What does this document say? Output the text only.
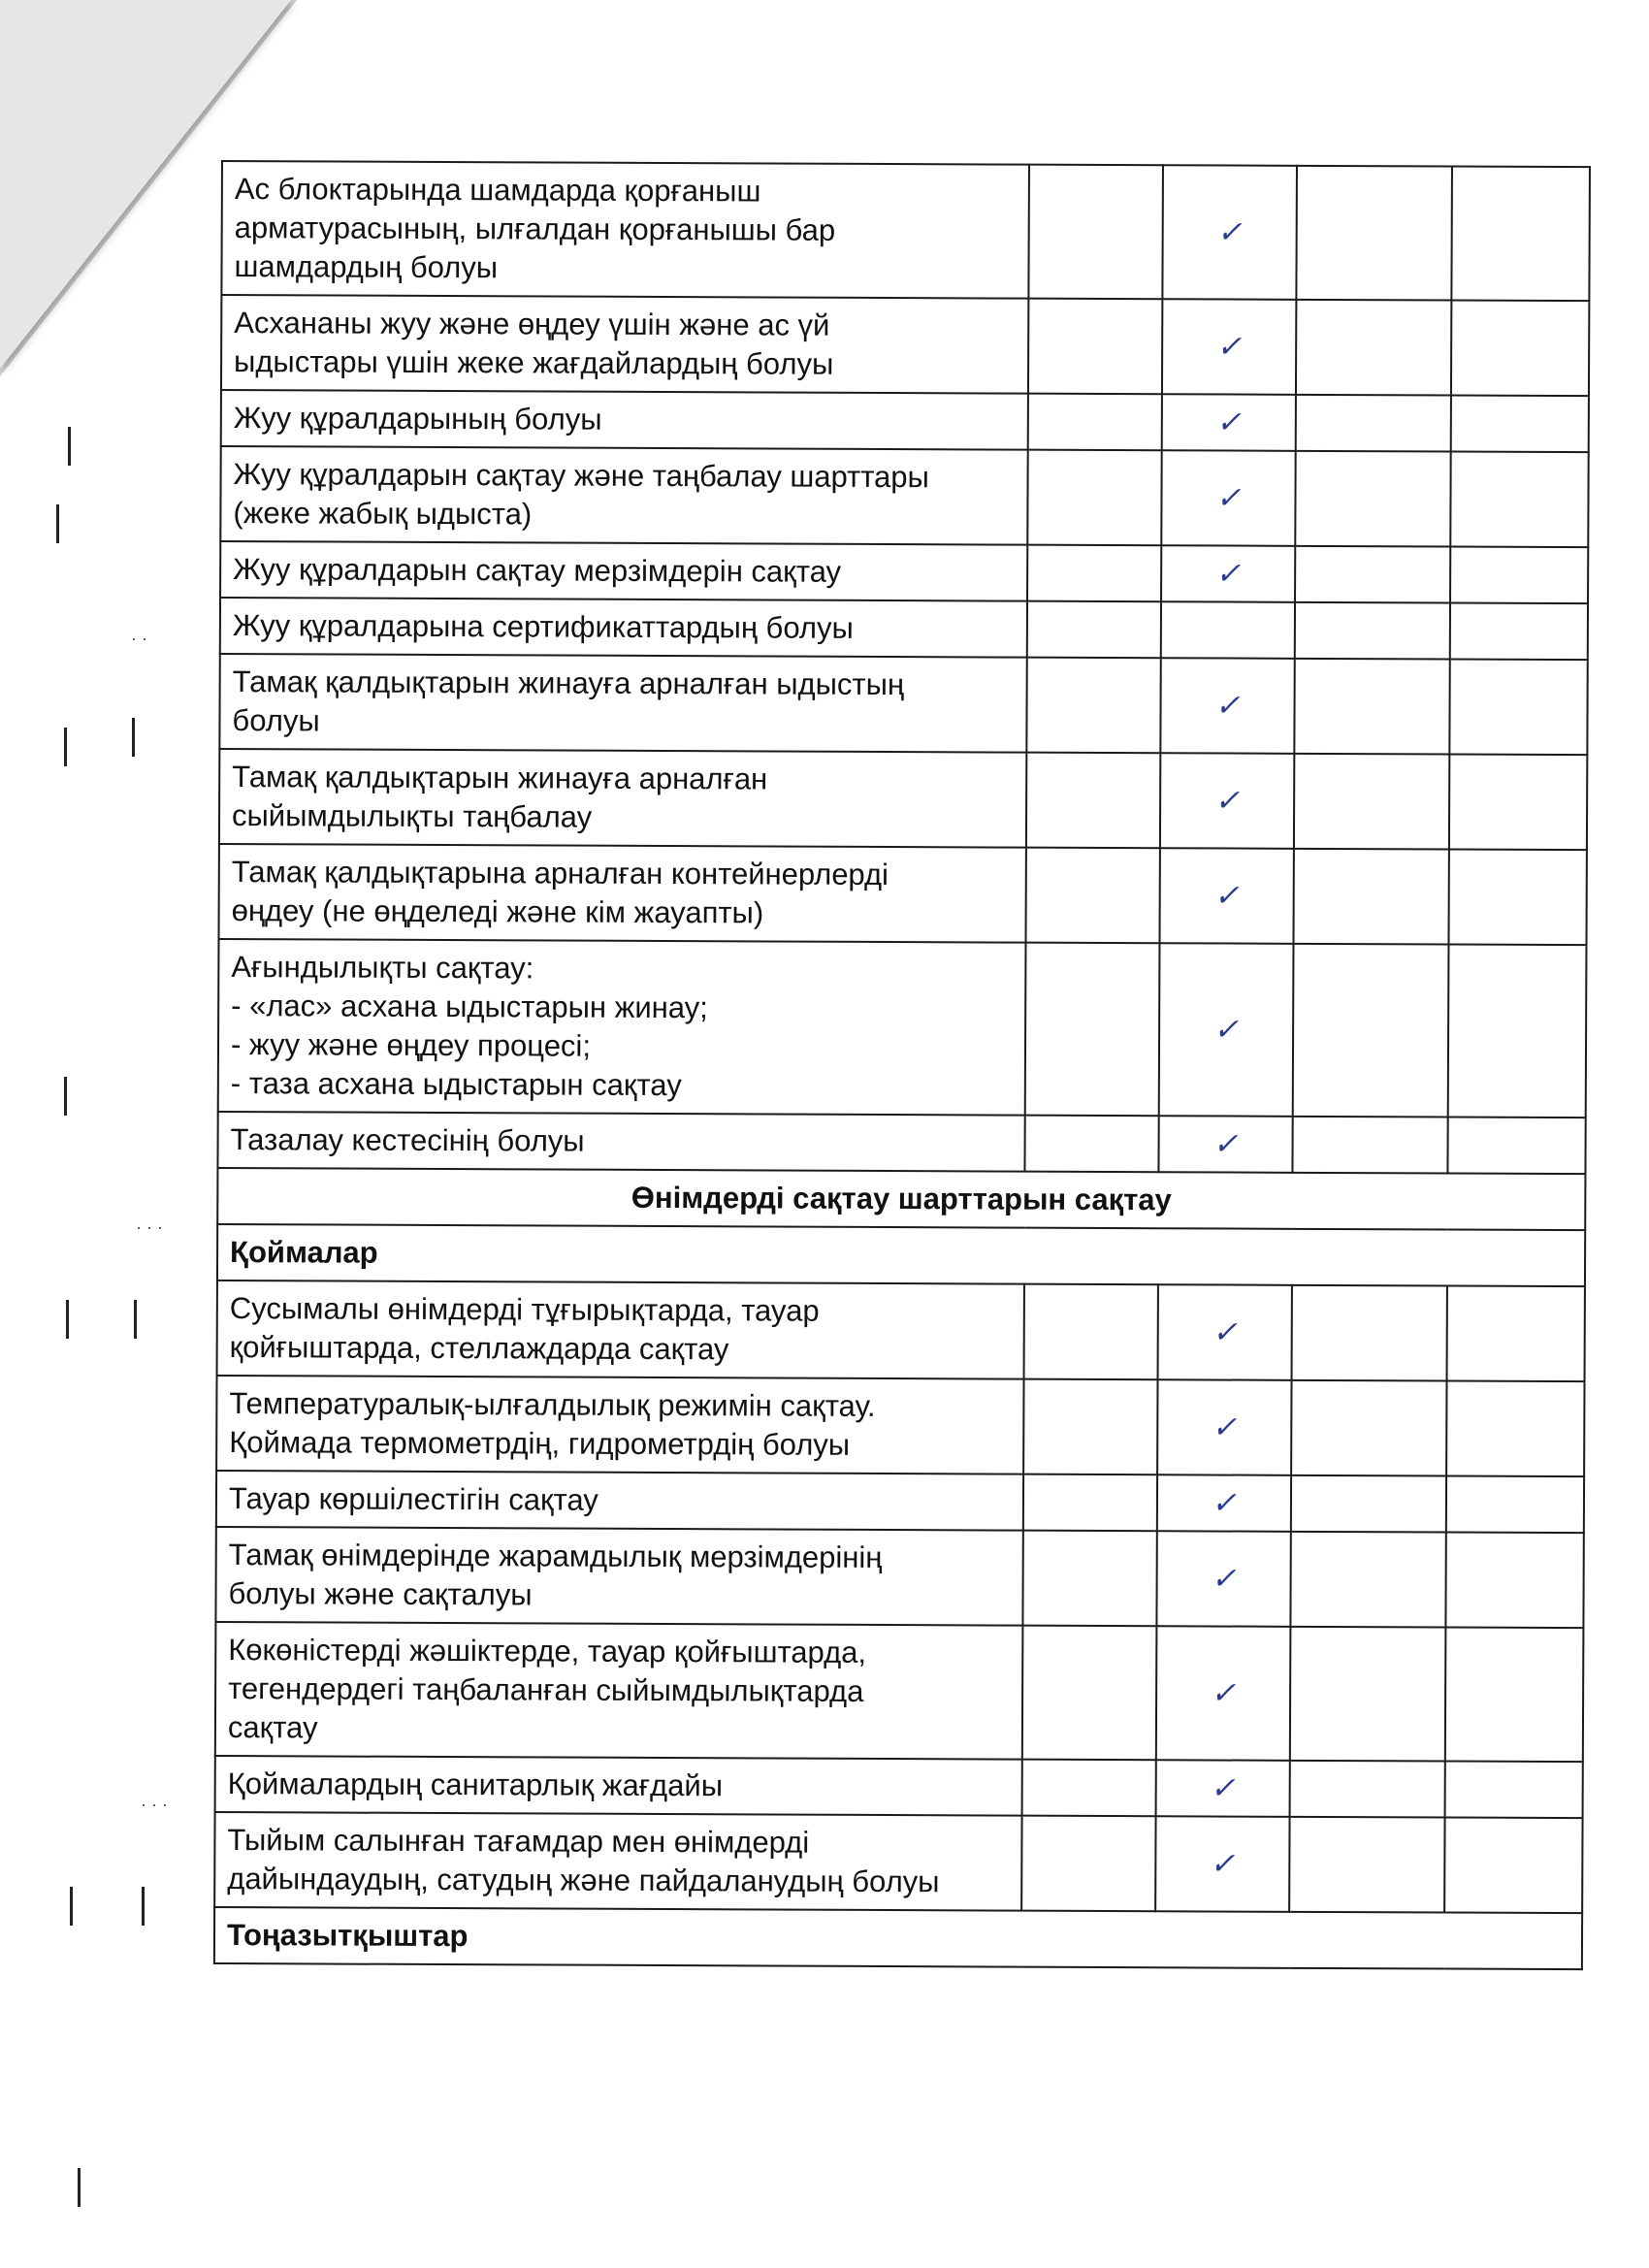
· ·
· · ·
· · ·
Ас блоктарында шамдарда қорғаныш
арматурасының, ылғалдан қорғанышы бар
шамдардың болуы		✓		

Асхананы жуу және өңдеу үшін және ас үй
ыдыстары үшін жеке жағдайлардың болуы		✓		

Жуу құралдарының болуы		✓		

Жуу құралдарын сақтау және таңбалау шарттары
(жеке жабық ыдыста)		✓		

Жуу құралдарын сақтау мерзімдерін сақтау		✓		

Жуу құралдарына сертификаттардың болуы				

Тамақ қалдықтарын жинауға арналған ыдыстың
болуы		✓		

Тамақ қалдықтарын жинауға арналған
сыйымдылықты таңбалау		✓		

Тамақ қалдықтарына арналған контейнерлерді
өңдеу (не өңделеді және кім жауапты)		✓		

Ағындылықты сақтау:
- «лас» асхана ыдыстарын жинау;
- жуу және өңдеу процесі;
- таза асхана ыдыстарын сақтау		✓		

Тазалау кестесінің болуы		✓		
Өнімдерді сақтау шарттарын сақтау				
Қоймалар				

Сусымалы өнімдерді тұғырықтарда, тауар
қойғыштарда, стеллаждарда сақтау		✓		

Температуралық-ылғалдылық режимін сақтау.
Қоймада термометрдің, гидрометрдің болуы		✓		

Тауар көршілестігін сақтау		✓		

Тамақ өнімдерінде жарамдылық мерзімдерінің
болуы және сақталуы		✓		

Көкөністерді жәшіктерде, тауар қойғыштарда,
тегендердегі таңбаланған сыйымдылықтарда
сақтау		✓		

Қоймалардың санитарлық жағдайы		✓		

Тыйым салынған тағамдар мен өнімдерді
дайындаудың, сатудың және пайдаланудың болуы		✓		
Тоңазытқыштар				
